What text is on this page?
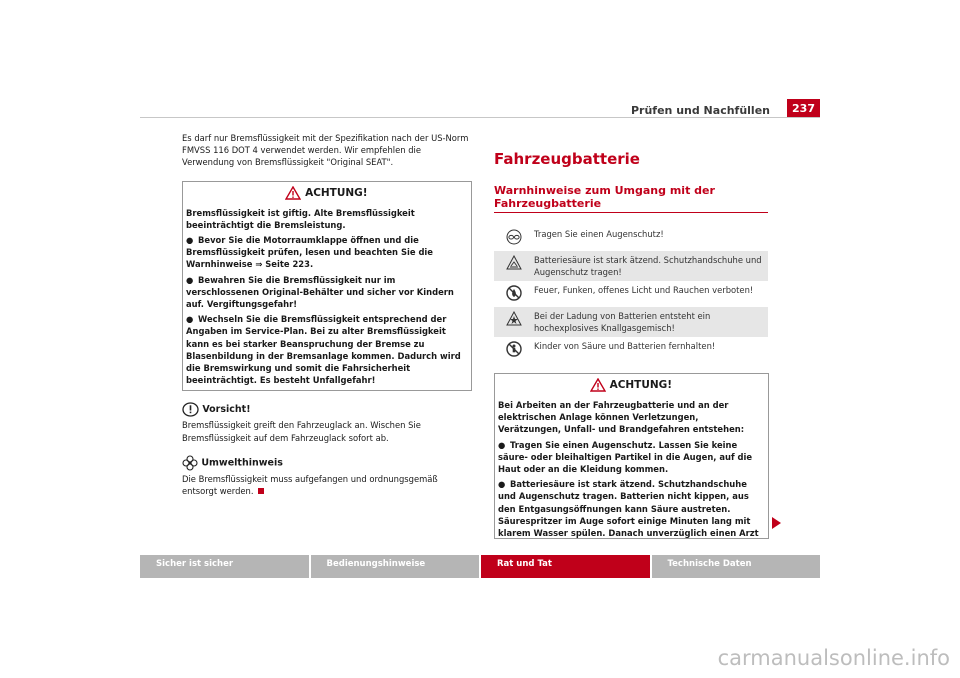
Prüfen und Nachfüllen	237

Es darf nur Bremsflüssigkeit mit der Spezifikation nach der US-Norm FMVSS 116 DOT 4 verwendet werden. Wir empfehlen die Verwendung von Bremsflüssigkeit "Original SEAT".

ACHTUNG!
Bremsflüssigkeit ist giftig. Alte Bremsflüssigkeit beeinträchtigt die Bremsleistung.
● Bevor Sie die Motorraumklappe öffnen und die Bremsflüssigkeit prüfen, lesen und beachten Sie die Warnhinweise ⇒ Seite 223.
● Bewahren Sie die Bremsflüssigkeit nur im verschlossenen Original-Behälter und sicher vor Kindern auf. Vergiftungsgefahr!
● Wechseln Sie die Bremsflüssigkeit entsprechend der Angaben im Service-Plan. Bei zu alter Bremsflüssigkeit kann es bei starker Beanspruchung der Bremse zu Blasenbildung in der Bremsanlage kommen. Dadurch wird die Bremswirkung und somit die Fahrsicherheit beeinträchtigt. Es besteht Unfallgefahr!
Vorsicht!

Bremsflüssigkeit greift den Fahrzeuglack an. Wischen Sie Bremsflüssigkeit auf dem Fahrzeuglack sofort ab.

Umwelthinweis

Die Bremsflüssigkeit muss aufgefangen und ordnungsgemäß entsorgt werden.

Fahrzeugbatterie
Warnhinweise zum Umgang mit der Fahrzeugbatterie
Tragen Sie einen Augenschutz!
Batteriesäure ist stark ätzend. Schutzhandschuhe und Augenschutz tragen!
Feuer, Funken, offenes Licht und Rauchen verboten!
Bei der Ladung von Batterien entsteht ein hochexplosives Knallgasgemisch!
Kinder von Säure und Batterien fernhalten!
ACHTUNG!
Bei Arbeiten an der Fahrzeugbatterie und an der elektrischen Anlage können Verletzungen, Verätzungen, Unfall- und Brandgefahren entstehen:
● Tragen Sie einen Augenschutz. Lassen Sie keine säure- oder bleihaltigen Partikel in die Augen, auf die Haut oder an die Kleidung kommen.
● Batteriesäure ist stark ätzend. Schutzhandschuhe und Augenschutz tragen. Batterien nicht kippen, aus den Entgasungsöffnungen kann Säure austreten. Säurespritzer im Auge sofort einige Minuten lang mit klarem Wasser spülen. Danach unverzüglich einen Arzt
Sicher ist sicher	Bedienungshinweise	Rat und Tat	Technische Daten
carmanualsonline.info
